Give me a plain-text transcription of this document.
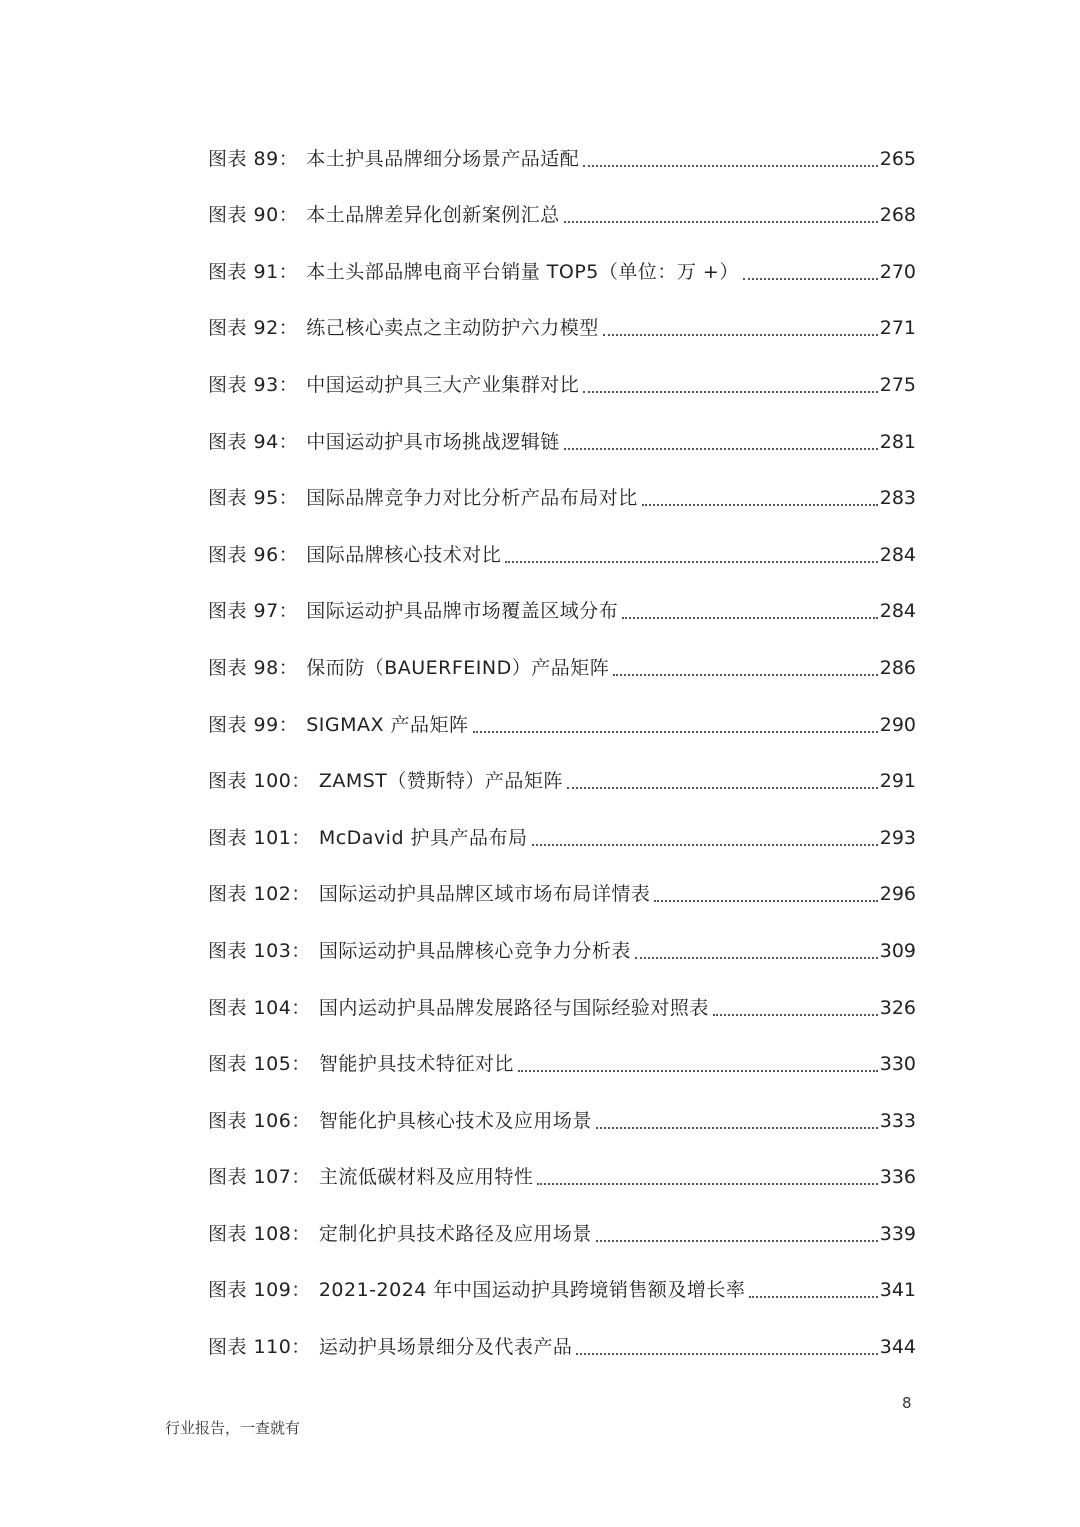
图表 89： 本土护具品牌细分场景产品适配	265
图表 90： 本土品牌差异化创新案例汇总	268
图表 91： 本土头部品牌电商平台销量 TOP5（单位：万 +）	270
图表 92： 练己核心卖点之主动防护六力模型	271
图表 93： 中国运动护具三大产业集群对比	275
图表 94： 中国运动护具市场挑战逻辑链	281
图表 95： 国际品牌竞争力对比分析产品布局对比	283
图表 96： 国际品牌核心技术对比	284
图表 97： 国际运动护具品牌市场覆盖区域分布	284
图表 98： 保而防（BAUERFEIND）产品矩阵	286
图表 99： SIGMAX 产品矩阵	290
图表 100： ZAMST（赞斯特）产品矩阵	291
图表 101： McDavid 护具产品布局	293
图表 102： 国际运动护具品牌区域市场布局详情表	296
图表 103： 国际运动护具品牌核心竞争力分析表	309
图表 104： 国内运动护具品牌发展路径与国际经验对照表	326
图表 105： 智能护具技术特征对比	330
图表 106： 智能化护具核心技术及应用场景	333
图表 107： 主流低碳材料及应用特性	336
图表 108： 定制化护具技术路径及应用场景	339
图表 109： 2021-2024 年中国运动护具跨境销售额及增长率	341
图表 110： 运动护具场景细分及代表产品	344
8
行业报告，一查就有
